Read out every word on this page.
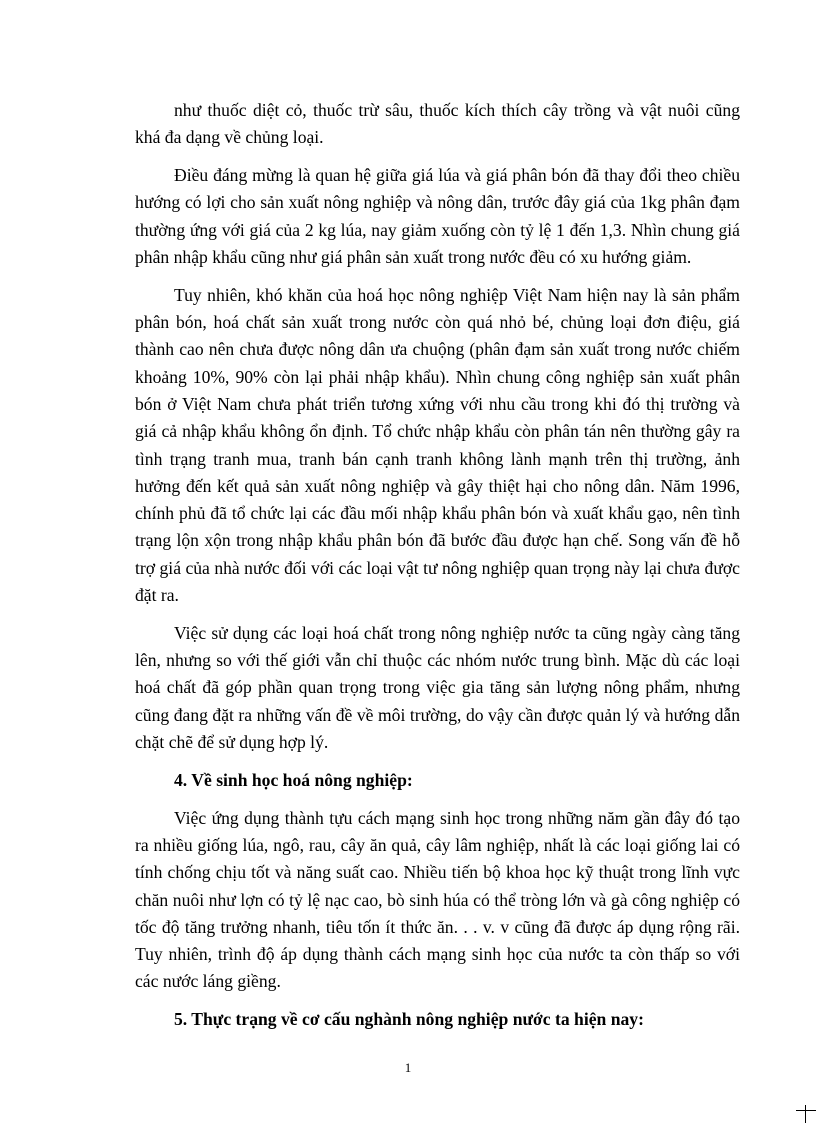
như thuốc diệt cỏ, thuốc trừ sâu, thuốc kích thích cây trồng và vật nuôi cũng khá đa dạng về chủng loại.

Điều đáng mừng là quan hệ giữa giá lúa và giá phân bón đã thay đổi theo chiều hướng có lợi cho sản xuất nông nghiệp và nông dân, trước đây giá của 1kg phân đạm thường ứng với giá của 2 kg lúa, nay giảm xuống còn tỷ lệ 1 đến 1,3. Nhìn chung giá phân nhập khẩu cũng như giá phân sản xuất trong nước đều có xu hướng giảm.

Tuy nhiên, khó khăn của hoá học nông nghiệp Việt Nam hiện nay là sản phẩm phân bón, hoá chất sản xuất trong nước còn quá nhỏ bé, chủng loại đơn điệu, giá thành cao nên chưa được nông dân ưa chuộng (phân đạm sản xuất trong nước chiếm khoảng 10%, 90% còn lại phải nhập khẩu). Nhìn chung công nghiệp sản xuất phân bón ở Việt Nam chưa phát triển tương xứng với nhu cầu trong khi đó thị trường và giá cả nhập khẩu không ổn định. Tổ chức nhập khẩu còn phân tán nên thường gây ra tình trạng tranh mua, tranh bán cạnh tranh không lành mạnh trên thị trường, ảnh hưởng đến kết quả sản xuất nông nghiệp và gây thiệt hại cho nông dân. Năm 1996, chính phủ đã tổ chức lại các đầu mối nhập khẩu phân bón và xuất khẩu gạo, nên tình trạng lộn xộn trong nhập khẩu phân bón đã bước đầu được hạn chế. Song vấn đề hỗ trợ giá của nhà nước đối với các loại vật tư nông nghiệp quan trọng này lại chưa được đặt ra.

Việc sử dụng các loại hoá chất trong nông nghiệp nước ta cũng ngày càng tăng lên, nhưng so với thế giới vẫn chỉ thuộc các nhóm nước trung bình. Mặc dù các loại hoá chất đã góp phần quan trọng trong việc gia tăng sản lượng nông phẩm, nhưng cũng đang đặt ra những vấn đề về môi trường, do vậy cần được quản lý và hướng dẫn chặt chẽ để sử dụng hợp lý.

4. Về sinh học hoá nông nghiệp:

Việc ứng dụng thành tựu cách mạng sinh học trong những năm gần đây đó tạo ra nhiều giống lúa, ngô, rau, cây ăn quả, cây lâm nghiệp, nhất là các loại giống lai có tính chống chịu tốt và năng suất cao. Nhiều tiến bộ khoa học kỹ thuật trong lĩnh vực chăn nuôi như lợn có tỷ lệ nạc cao, bò sinh húa có thể tròng lớn và gà công nghiệp có tốc độ tăng trưởng nhanh, tiêu tốn ít thức ăn. . . v. v cũng đã được áp dụng rộng rãi. Tuy nhiên, trình độ áp dụng thành cách mạng sinh học của nước ta còn thấp so với các nước láng giềng.

5. Thực trạng về cơ cấu nghành nông nghiệp nước ta hiện nay:

1
